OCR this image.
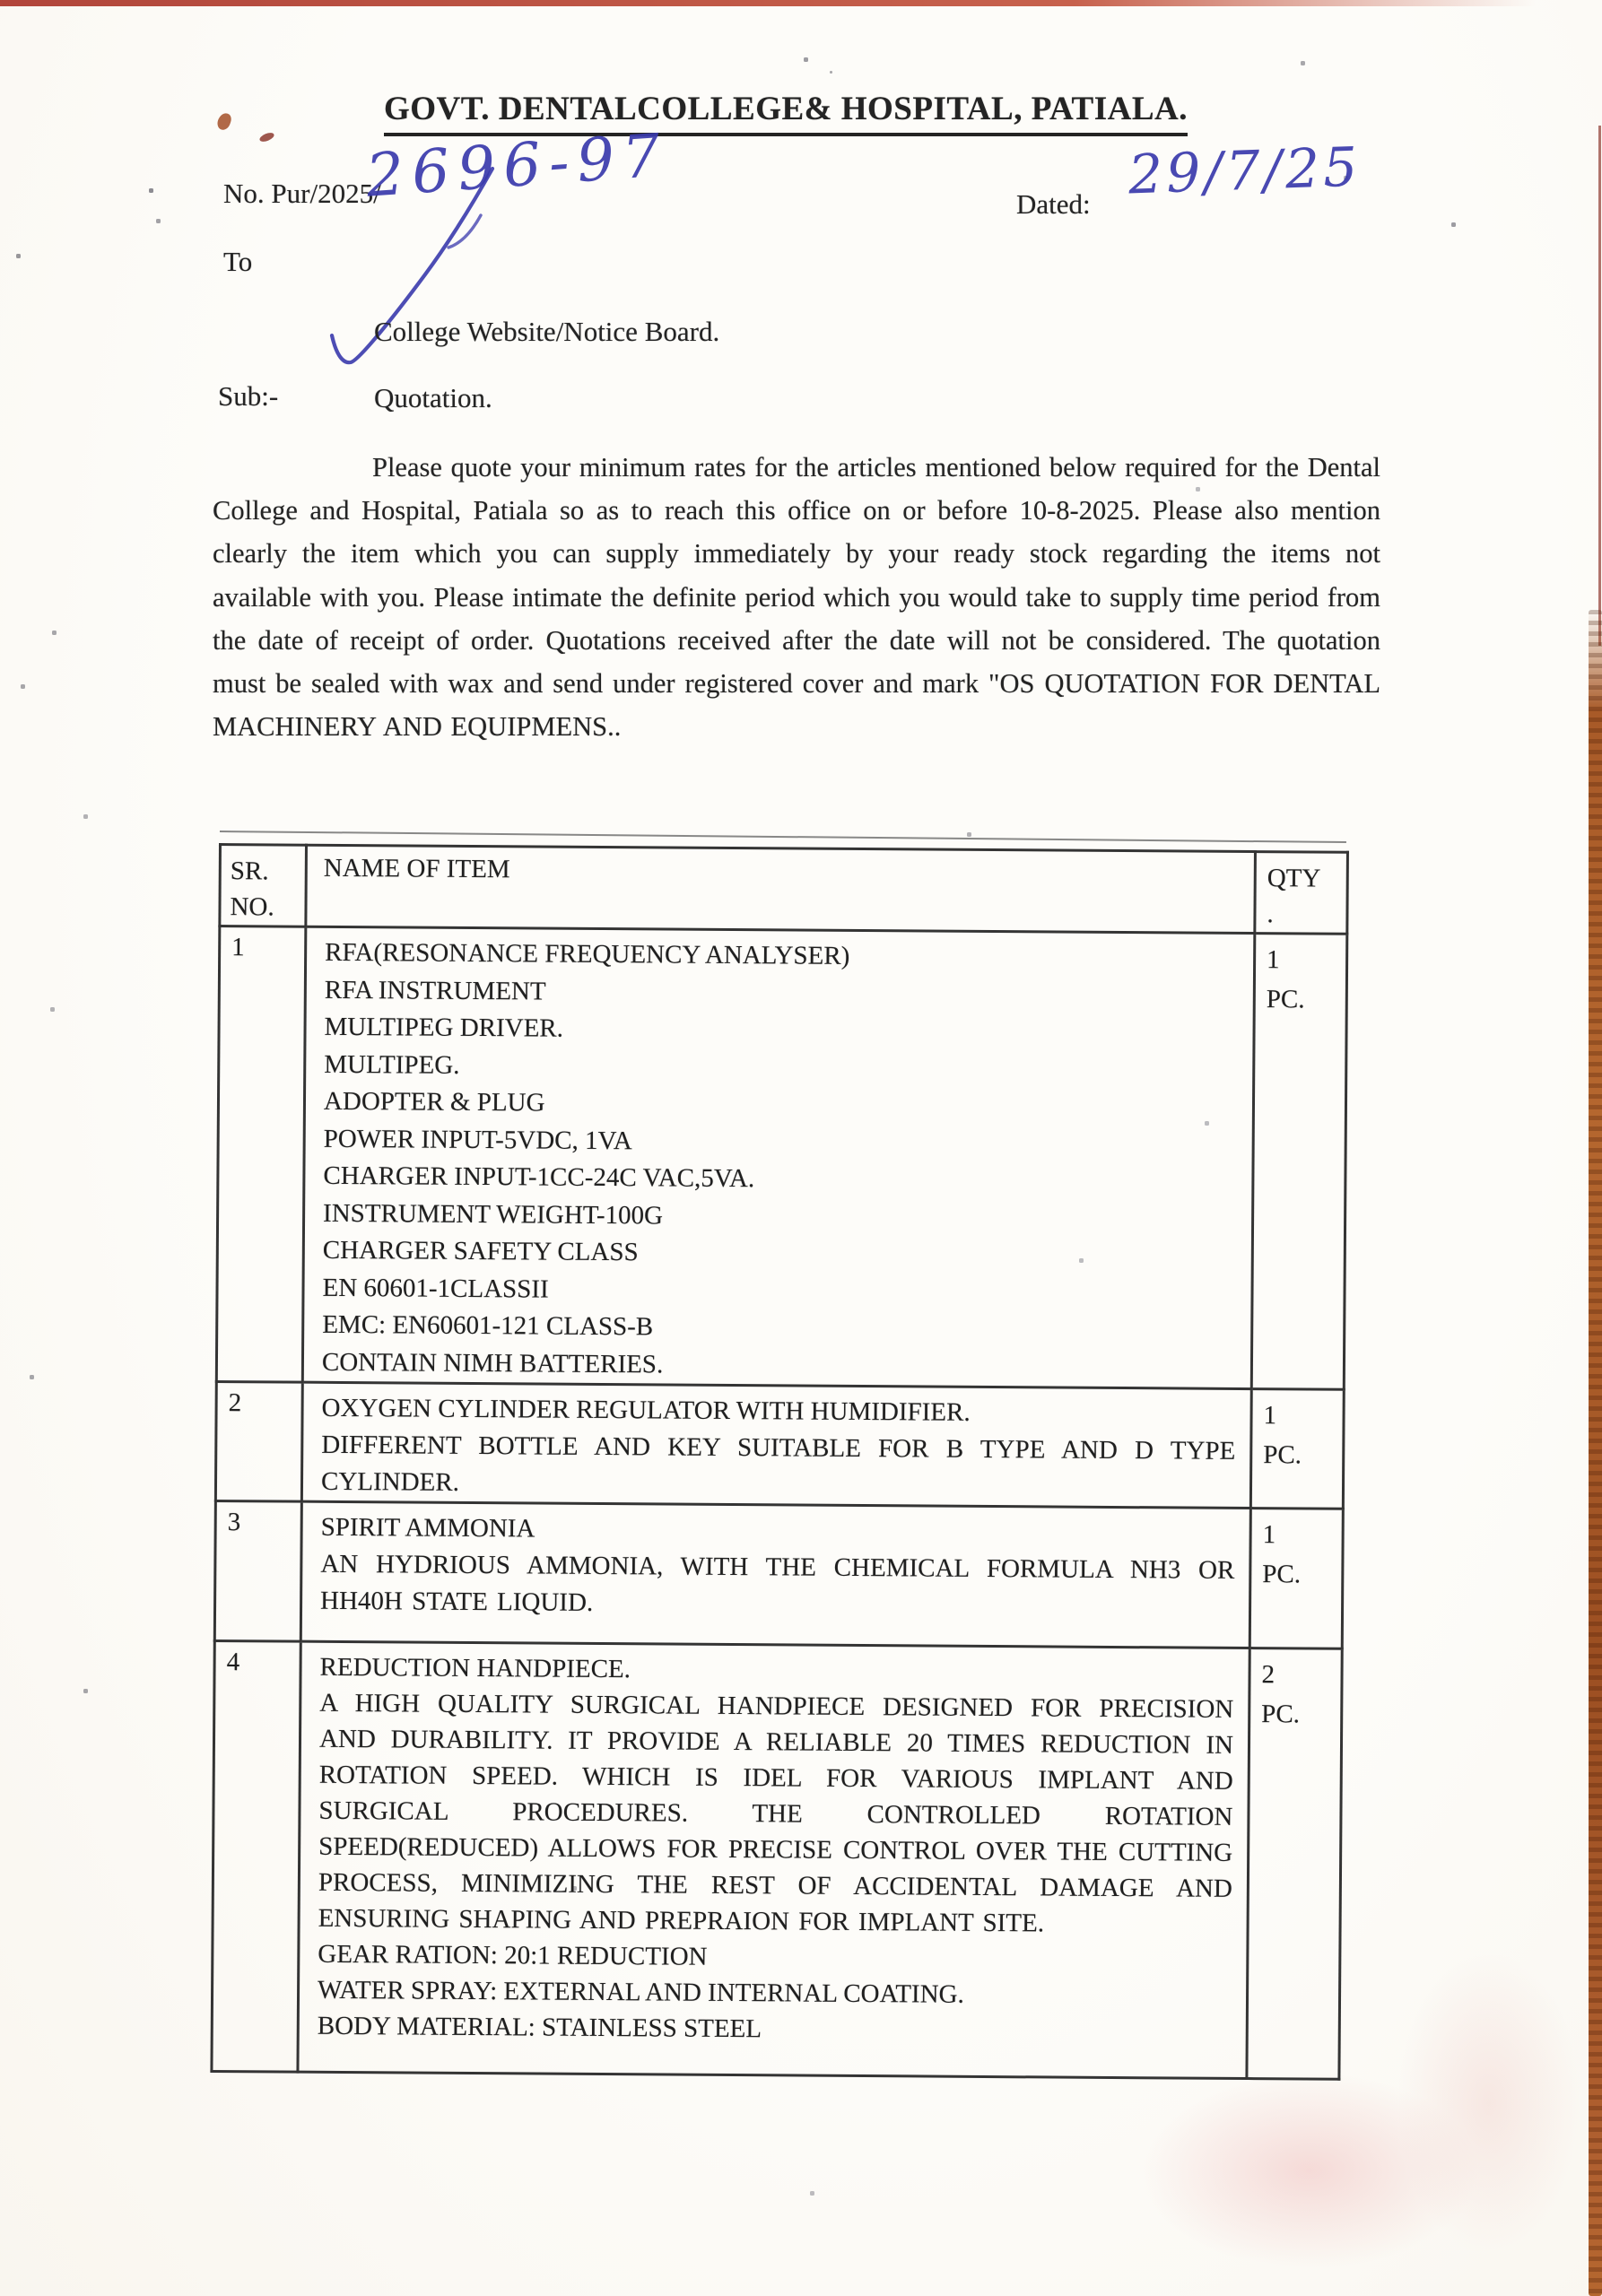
GOVT. DENTALCOLLEGE& HOSPITAL, PATIALA.
No. Pur/2025/
2696-97	Dated: 29/7/25
To
College Website/Notice Board.
Sub:-	Quotation.

Please quote your minimum rates for the articles mentioned below required for the Dental College and Hospital, Patiala so as to reach this office on or before 10-8-2025. Please also mention clearly the item which you can supply immediately by your ready stock regarding the items not available with you. Please intimate the definite period which you would take to supply time period from the date of receipt of order. Quotations received after the date will not be considered. The quotation must be sealed with wax and send under registered cover and mark "OS QUOTATION FOR DENTAL MACHINERY AND EQUIPMENS..

SR.
NO.	NAME OF ITEM	QTY
.
1	RFA(RESONANCE FREQUENCY ANALYSER)
RFA INSTRUMENT
MULTIPEG DRIVER.
MULTIPEG.
ADOPTER & PLUG
POWER INPUT-5VDC, 1VA
CHARGER INPUT-1CC-24C VAC,5VA.
INSTRUMENT WEIGHT-100G
CHARGER SAFETY CLASS
EN 60601-1CLASSII
EMC: EN60601-121 CLASS-B
CONTAIN NIMH BATTERIES.
	1
PC.
2	OXYGEN CYLINDER REGULATOR WITH HUMIDIFIER.
DIFFERENT BOTTLE AND KEY SUITABLE FOR B TYPE AND D TYPE CYLINDER.
	1
PC.
3	SPIRIT AMMONIA
AN HYDRIOUS AMMONIA, WITH THE CHEMICAL FORMULA NH3 OR HH40H STATE LIQUID.
	1
PC.
4	REDUCTION HANDPIECE.
A HIGH QUALITY SURGICAL HANDPIECE DESIGNED FOR PRECISION AND DURABILITY. IT PROVIDE A RELIABLE 20 TIMES REDUCTION IN ROTATION SPEED. WHICH IS IDEL FOR VARIOUS IMPLANT AND SURGICAL PROCEDURES. THE CONTROLLED ROTATION SPEED(REDUCED) ALLOWS FOR PRECISE CONTROL OVER THE CUTTING PROCESS, MINIMIZING THE REST OF ACCIDENTAL DAMAGE AND ENSURING SHAPING AND PREPRAION FOR IMPLANT SITE.
GEAR RATION: 20:1 REDUCTION
WATER SPRAY: EXTERNAL AND INTERNAL COATING.
BODY MATERIAL: STAINLESS STEEL
	2
PC.
